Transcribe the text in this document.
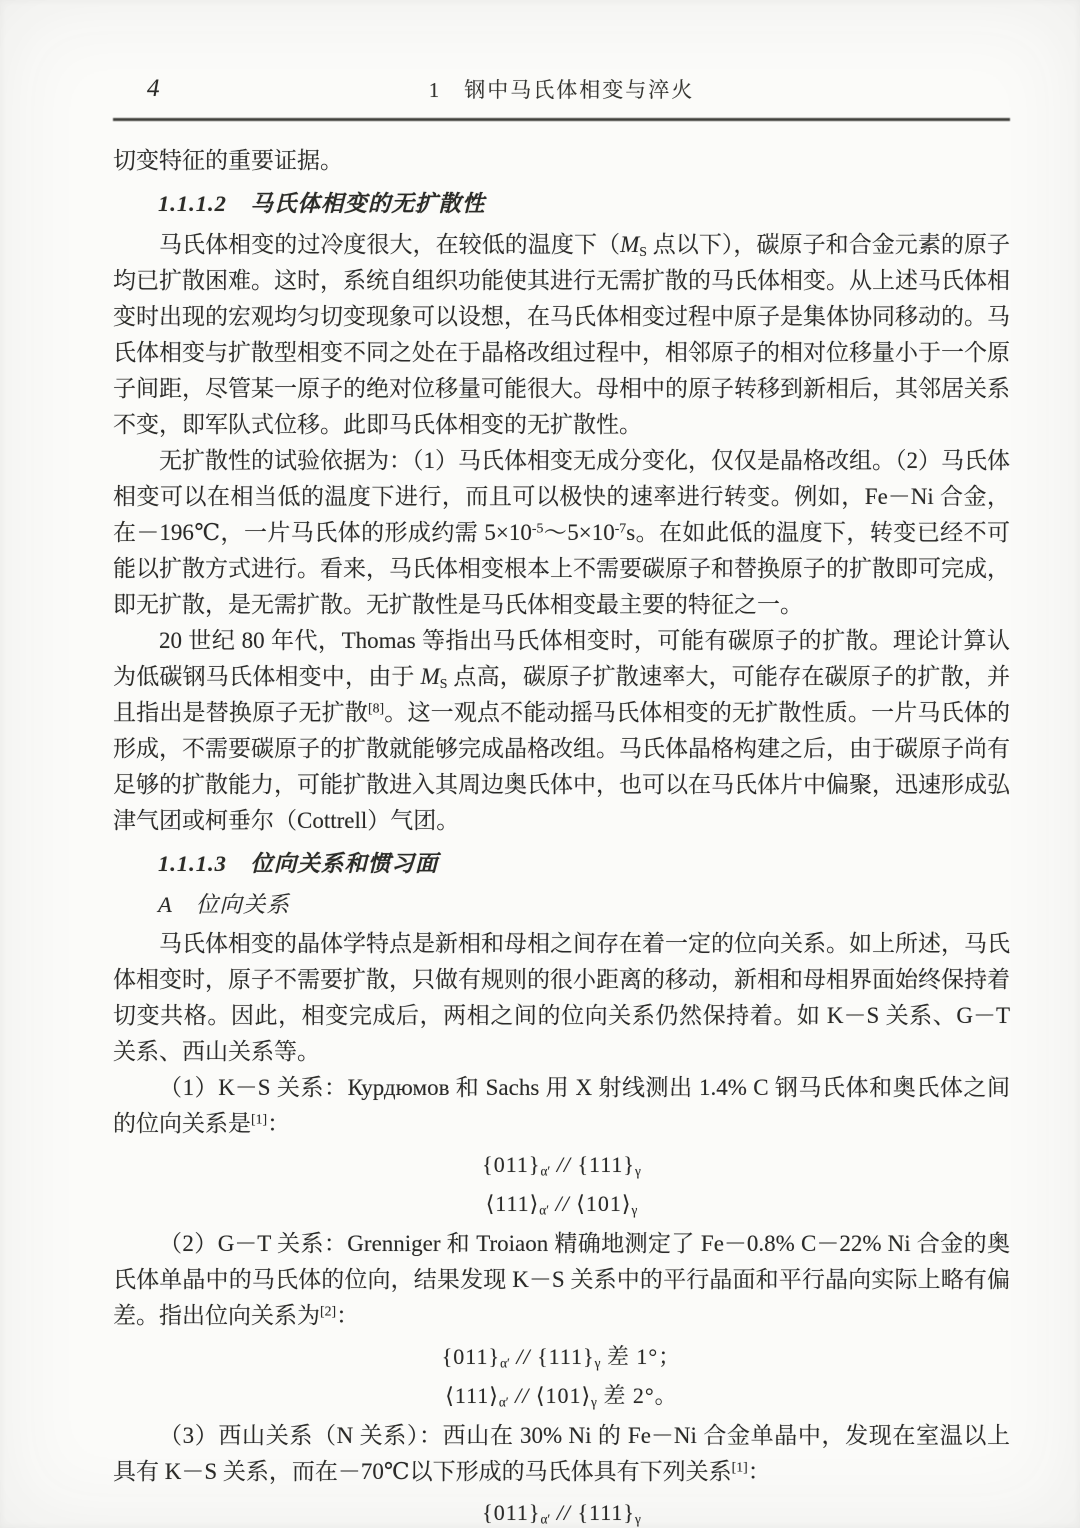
4	1　钢中马氏体相变与淬火

切变特征的重要证据。

1.1.1.2　马氏体相变的无扩散性

马氏体相变的过冷度很大，在较低的温度下（$M_S$ 点以下），碳原子和合金元素的原子均已扩散困难。这时，系统自组织功能使其进行无需扩散的马氏体相变。从上述马氏体相变时出现的宏观均匀切变现象可以设想，在马氏体相变过程中原子是集体协同移动的。马氏体相变与扩散型相变不同之处在于晶格改组过程中，相邻原子的相对位移量小于一个原子间距，尽管某一原子的绝对位移量可能很大。母相中的原子转移到新相后，其邻居关系不变，即军队式位移。此即马氏体相变的无扩散性。

无扩散性的试验依据为：（1）马氏体相变无成分变化，仅仅是晶格改组。（2）马氏体相变可以在相当低的温度下进行，而且可以极快的速率进行转变。例如，Fe－Ni 合金，在－196℃，一片马氏体的形成约需 $5\times 10^{-5}\sim 5\times 10^{-7}s$。在如此低的温度下，转变已经不可能以扩散方式进行。看来，马氏体相变根本上不需要碳原子和替换原子的扩散即可完成，即无扩散，是无需扩散。无扩散性是马氏体相变最主要的特征之一。

20 世纪 80 年代，Thomas 等指出马氏体相变时，可能有碳原子的扩散。理论计算认为低碳钢马氏体相变中，由于 $M_S$ 点高，碳原子扩散速率大，可能存在碳原子的扩散，并且指出是替换原子无扩散[8]。这一观点不能动摇马氏体相变的无扩散性质。一片马氏体的形成，不需要碳原子的扩散就能够完成晶格改组。马氏体晶格构建之后，由于碳原子尚有足够的扩散能力，可能扩散进入其周边奥氏体中，也可以在马氏体片中偏聚，迅速形成弘津气团或柯垂尔（Cottrell）气团。

1.1.1.3　位向关系和惯习面

A　位向关系

马氏体相变的晶体学特点是新相和母相之间存在着一定的位向关系。如上所述，马氏体相变时，原子不需要扩散，只做有规则的很小距离的移动，新相和母相界面始终保持着切变共格。因此，相变完成后，两相之间的位向关系仍然保持着。如 K－S 关系、G－T 关系、西山关系等。

（1）K－S 关系：Курдюмов 和 Sachs 用 X 射线测出 1.4% C 钢马氏体和奥氏体之间的位向关系是[1]：

$\{011\}_{\alpha'} // \{111\}_\gamma$

$⟨111⟩_{\alpha'}$ // $⟨101⟩_\gamma$

（2）G－T 关系：Grenniger 和 Troiaon 精确地测定了 Fe－0.8% C－22% Ni 合金的奥氏体单晶中的马氏体的位向，结果发现 K－S 关系中的平行晶面和平行晶向实际上略有偏差。指出位向关系为[2]：

$\{011\}_{\alpha'} // \{111\}_\gamma$ 差 1°；

$⟨111⟩_{\alpha'}$ // $⟨101⟩_\gamma$ 差 2°。

（3）西山关系（N 关系）：西山在 30% Ni 的 Fe－Ni 合金单晶中，发现在室温以上具有 K－S 关系，而在－70℃以下形成的马氏体具有下列关系[1]：

$\{011\}_{\alpha'} // \{111\}_\gamma$
